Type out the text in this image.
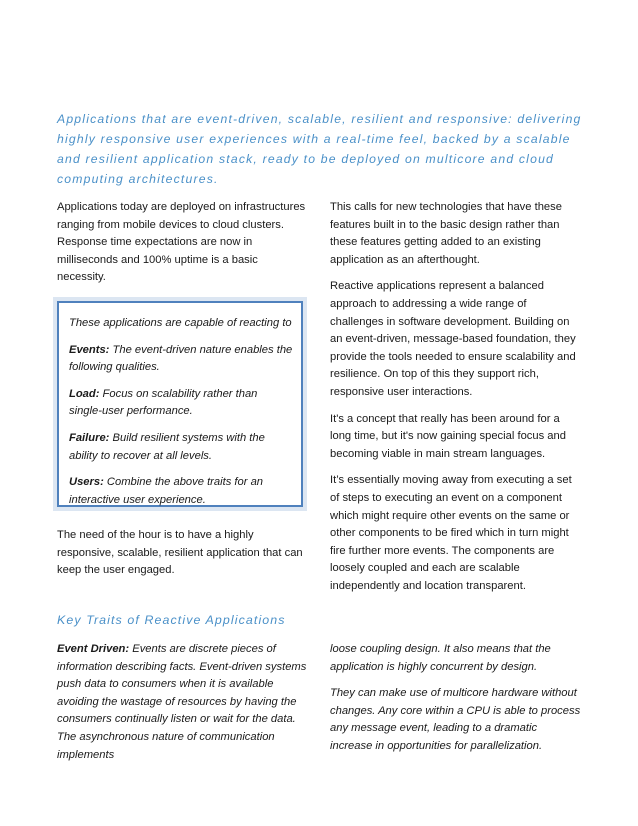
Applications that are event-driven, scalable, resilient and responsive: delivering highly responsive user experiences with a real-time feel, backed by a scalable and resilient application stack, ready to be deployed on multicore and cloud computing architectures.

Applications today are deployed on infrastructures ranging from mobile devices to cloud clusters. Response time expectations are now in milliseconds and 100% uptime is a basic necessity.

These applications are capable of reacting to

Events: The event-driven nature enables the following qualities.

Load: Focus on scalability rather than single-user performance.

Failure: Build resilient systems with the ability to recover at all levels.

Users: Combine the above traits for an interactive user experience.

The need of the hour is to have a highly responsive, scalable, resilient application that can keep the user engaged.

This calls for new technologies that have these features built in to the basic design rather than these features getting added to an existing application as an afterthought.

Reactive applications represent a balanced approach to addressing a wide range of challenges in software development. Building on an event-driven, message-based foundation, they provide the tools needed to ensure scalability and resilience. On top of this they support rich, responsive user interactions.

It's a concept that really has been around for a long time, but it's now gaining special focus and becoming viable in main stream languages.

It’s essentially moving away from executing a set of steps to executing an event on a component which might require other events on the same or other components to be fired which in turn might fire further more events. The components are loosely coupled and each are scalable independently and location transparent.

Key Traits of Reactive Applications

Event Driven: Events are discrete pieces of information describing facts. Event-driven systems push data to consumers when it is available avoiding the wastage of resources by having the consumers continually listen or wait for the data. The asynchronous nature of communication implements

loose coupling design. It also means that the application is highly concurrent by design.

They can make use of multicore hardware without changes. Any core within a CPU is able to process any message event, leading to a dramatic increase in opportunities for parallelization.
